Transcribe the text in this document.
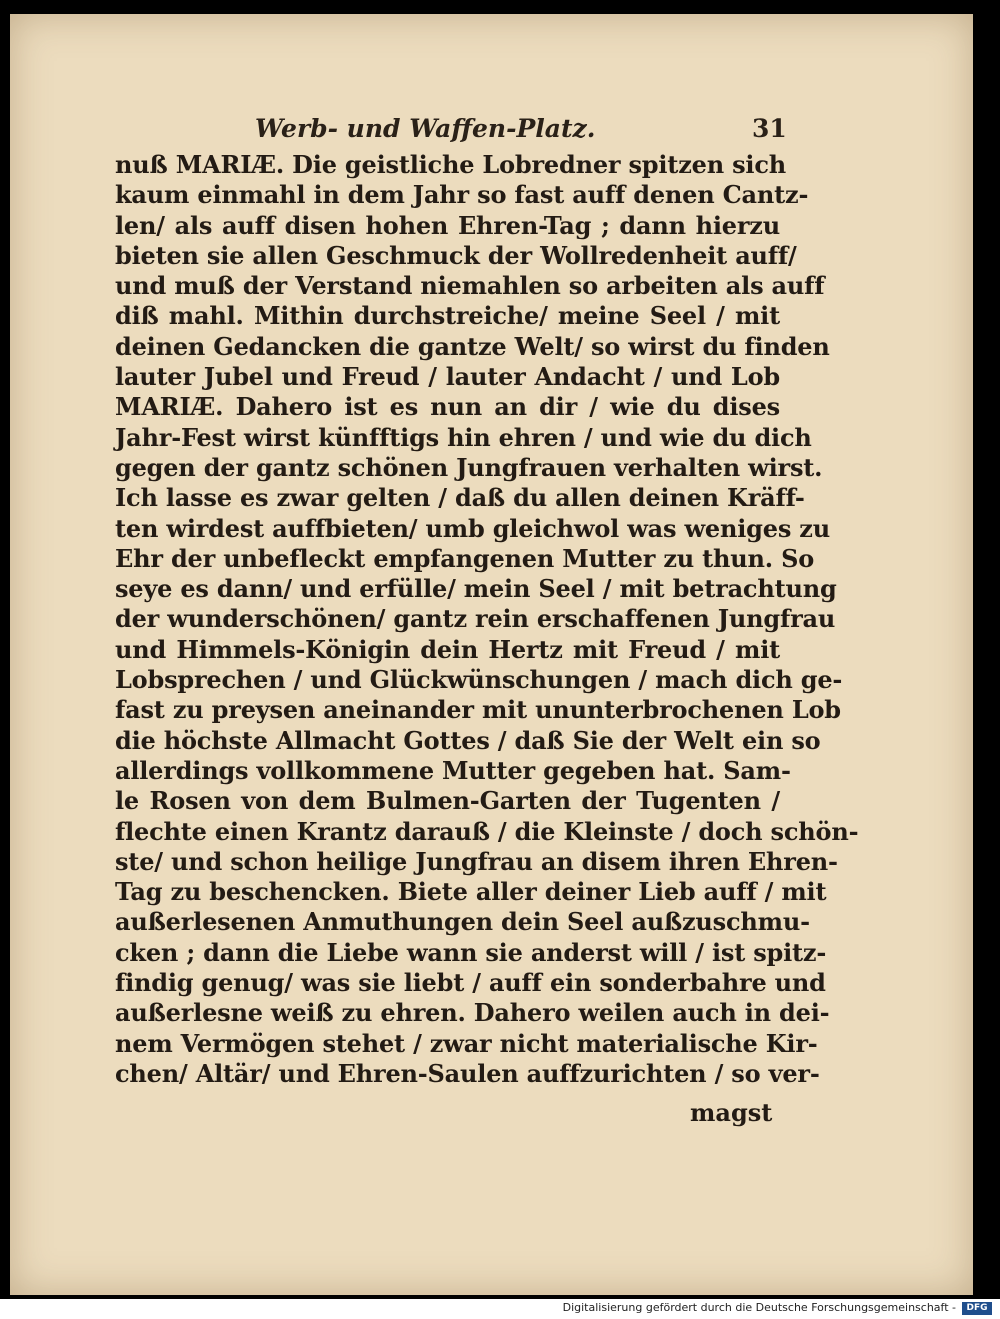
Werb- und Waffen-Platz.	31
nuß MARIÆ. Die geistliche Lobredner spitzen sich
kaum einmahl in dem Jahr so fast auff denen Cantz-
len/ als auff disen hohen Ehren-Tag ; dann hierzu
bieten sie allen Geschmuck der Wollredenheit auff/
und muß der Verstand niemahlen so arbeiten als auff
diß mahl. Mithin durchstreiche/ meine Seel / mit
deinen Gedancken die gantze Welt/ so wirst du finden
lauter Jubel und Freud / lauter Andacht / und Lob
MARIÆ. Dahero ist es nun an dir / wie du dises
Jahr-Fest wirst künfftigs hin ehren / und wie du dich
gegen der gantz schönen Jungfrauen verhalten wirst.
Ich lasse es zwar gelten / daß du allen deinen Kräff-
ten wirdest auffbieten/ umb gleichwol was weniges zu
Ehr der unbefleckt empfangenen Mutter zu thun. So
seye es dann/ und erfülle/ mein Seel / mit betrachtung
der wunderschönen/ gantz rein erschaffenen Jungfrau
und Himmels-Königin dein Hertz mit Freud / mit
Lobsprechen / und Glückwünschungen / mach dich ge-
fast zu preysen aneinander mit ununterbrochenen Lob
die höchste Allmacht Gottes / daß Sie der Welt ein so
allerdings vollkommene Mutter gegeben hat. Sam-
le Rosen von dem Bulmen-Garten der Tugenten /
flechte einen Krantz darauß / die Kleinste / doch schön-
ste/ und schon heilige Jungfrau an disem ihren Ehren-
Tag zu beschencken. Biete aller deiner Lieb auff / mit
außerlesenen Anmuthungen dein Seel außzuschmu-
cken ; dann die Liebe wann sie anderst will / ist spitz-
findig genug/ was sie liebt / auff ein sonderbahre und
außerlesne weiß zu ehren. Dahero weilen auch in dei-
nem Vermögen stehet / zwar nicht materialische Kir-
chen/ Altär/ und Ehren-Saulen auffzurichten / so ver-
magst
Digitalisierung gefördert durch die Deutsche Forschungsgemeinschaft -	DFG
